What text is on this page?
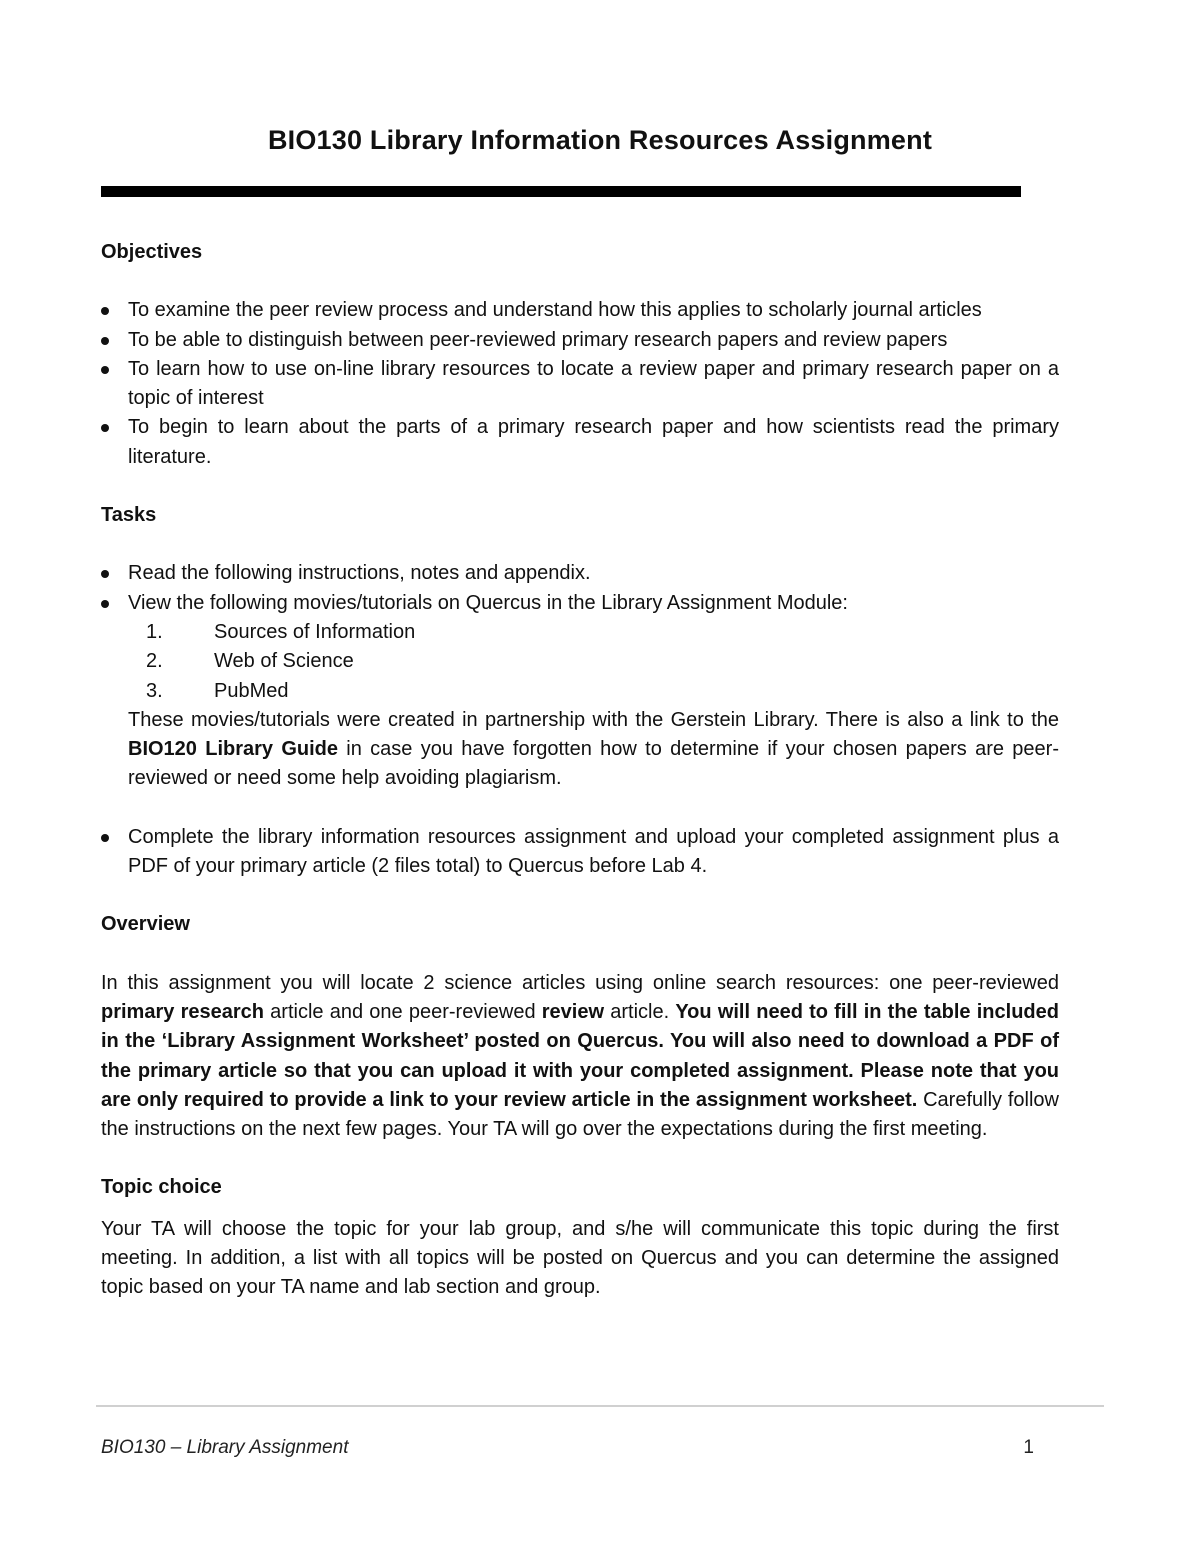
BIO130 Library Information Resources Assignment

Objectives

To examine the peer review process and understand how this applies to scholarly journal articles
To be able to distinguish between peer-reviewed primary research papers and review papers
To learn how to use on-line library resources to locate a review paper and primary research paper on a topic of interest
To begin to learn about the parts of a primary research paper and how scientists read the primary literature.

Tasks

Read the following instructions, notes and appendix.
View the following movies/tutorials on Quercus in the Library Assignment Module:
1.	Sources of Information
2.	Web of Science
3.	PubMed

These movies/tutorials were created in partnership with the Gerstein Library. There is also a link to the BIO120 Library Guide in case you have forgotten how to determine if your chosen papers are peer-reviewed or need some help avoiding plagiarism.

Complete the library information resources assignment and upload your completed assignment plus a PDF of your primary article (2 files total) to Quercus before Lab 4.

Overview

In this assignment you will locate 2 science articles using online search resources: one peer-reviewed primary research article and one peer-reviewed review article. You will need to fill in the table included in the ‘Library Assignment Worksheet’ posted on Quercus. You will also need to download a PDF of the primary article so that you can upload it with your completed assignment. Please note that you are only required to provide a link to your review article in the assignment worksheet. Carefully follow the instructions on the next few pages. Your TA will go over the expectations during the first meeting.

Topic choice

Your TA will choose the topic for your lab group, and s/he will communicate this topic during the first meeting. In addition, a list with all topics will be posted on Quercus and you can determine the assigned topic based on your TA name and lab section and group.

BIO130 – Library Assignment	1
